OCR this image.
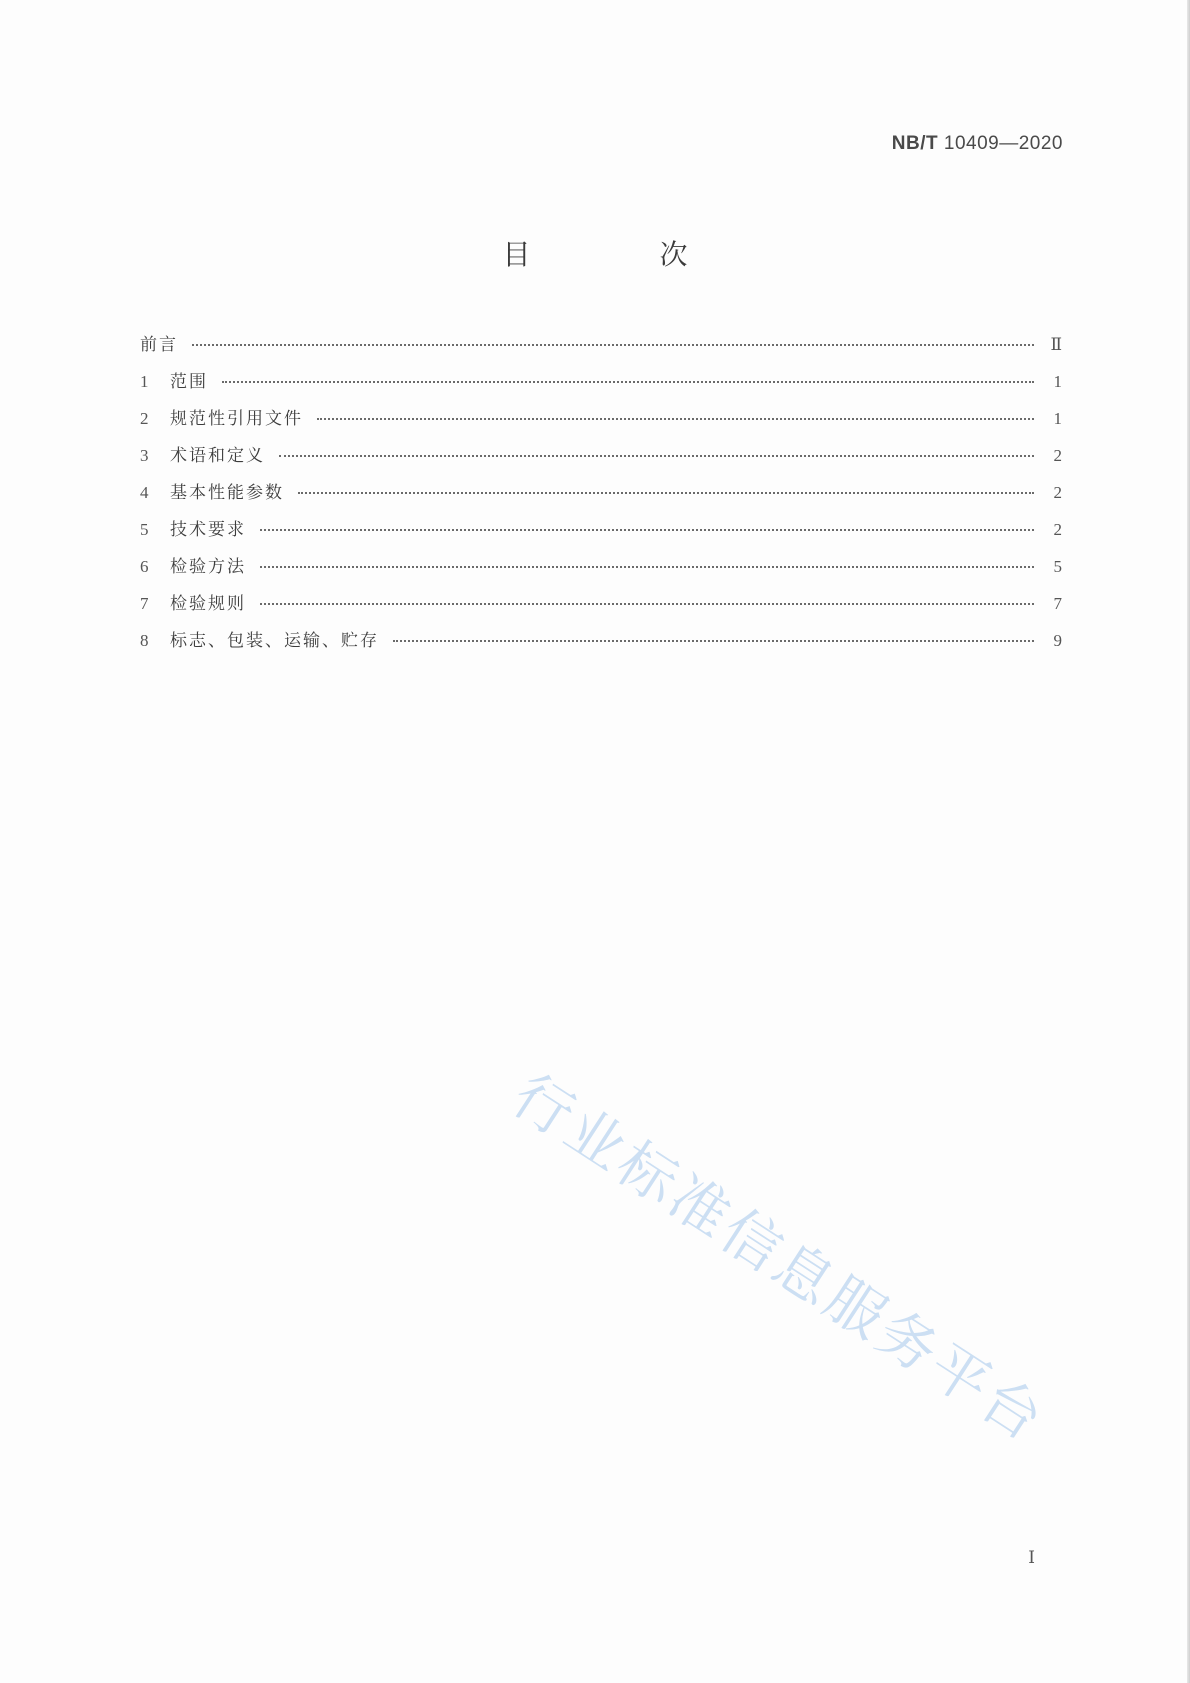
NB/T 10409—2020
目 次
前言	Ⅱ
1	范围	1
2	规范性引用文件	1
3	术语和定义	2
4	基本性能参数	2
5	技术要求	2
6	检验方法	5
7	检验规则	7
8	标志、包装、运输、贮存	9
行业标准信息服务平台
Ⅰ
